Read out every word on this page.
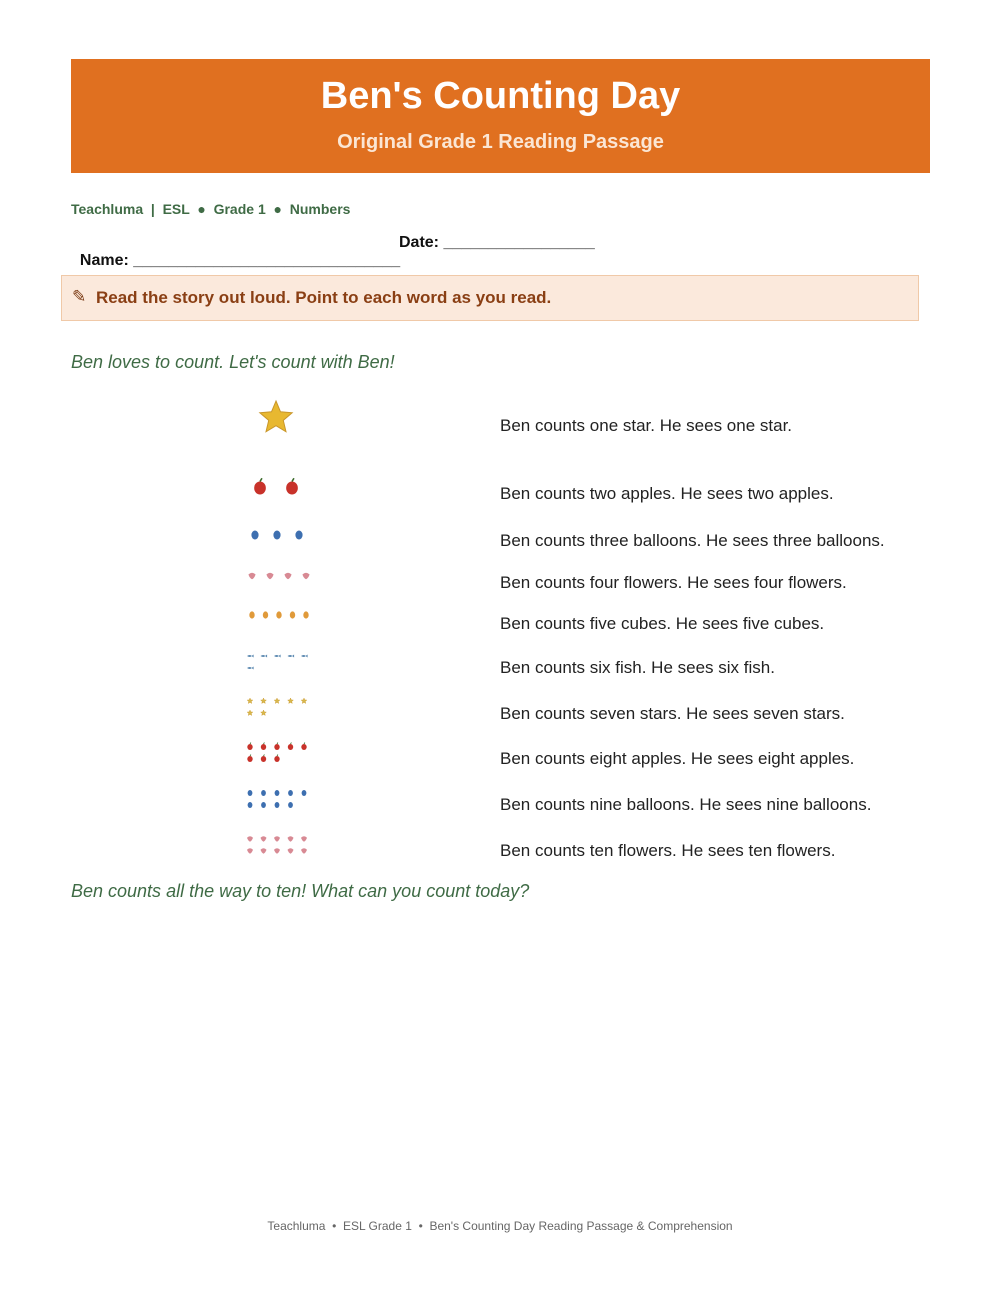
Ben's Counting Day
Original Grade 1 Reading Passage
Teachluma  |  ESL  ●  Grade 1  ●  Numbers

Name: ______________________________

Date: _________________

✎ Read the story out loud. Point to each word as you read.
Ben loves to count. Let's count with Ben!
Ben counts one star. He sees one star.
Ben counts two apples. He sees two apples.
Ben counts three balloons. He sees three balloons.
Ben counts four flowers. He sees four flowers.
Ben counts five cubes. He sees five cubes.
Ben counts six fish. He sees six fish.
Ben counts seven stars. He sees seven stars.
Ben counts eight apples. He sees eight apples.
Ben counts nine balloons. He sees nine balloons.
Ben counts ten flowers. He sees ten flowers.
Ben counts all the way to ten! What can you count today?
Teachluma  •  ESL Grade 1  •  Ben's Counting Day Reading Passage & Comprehension
